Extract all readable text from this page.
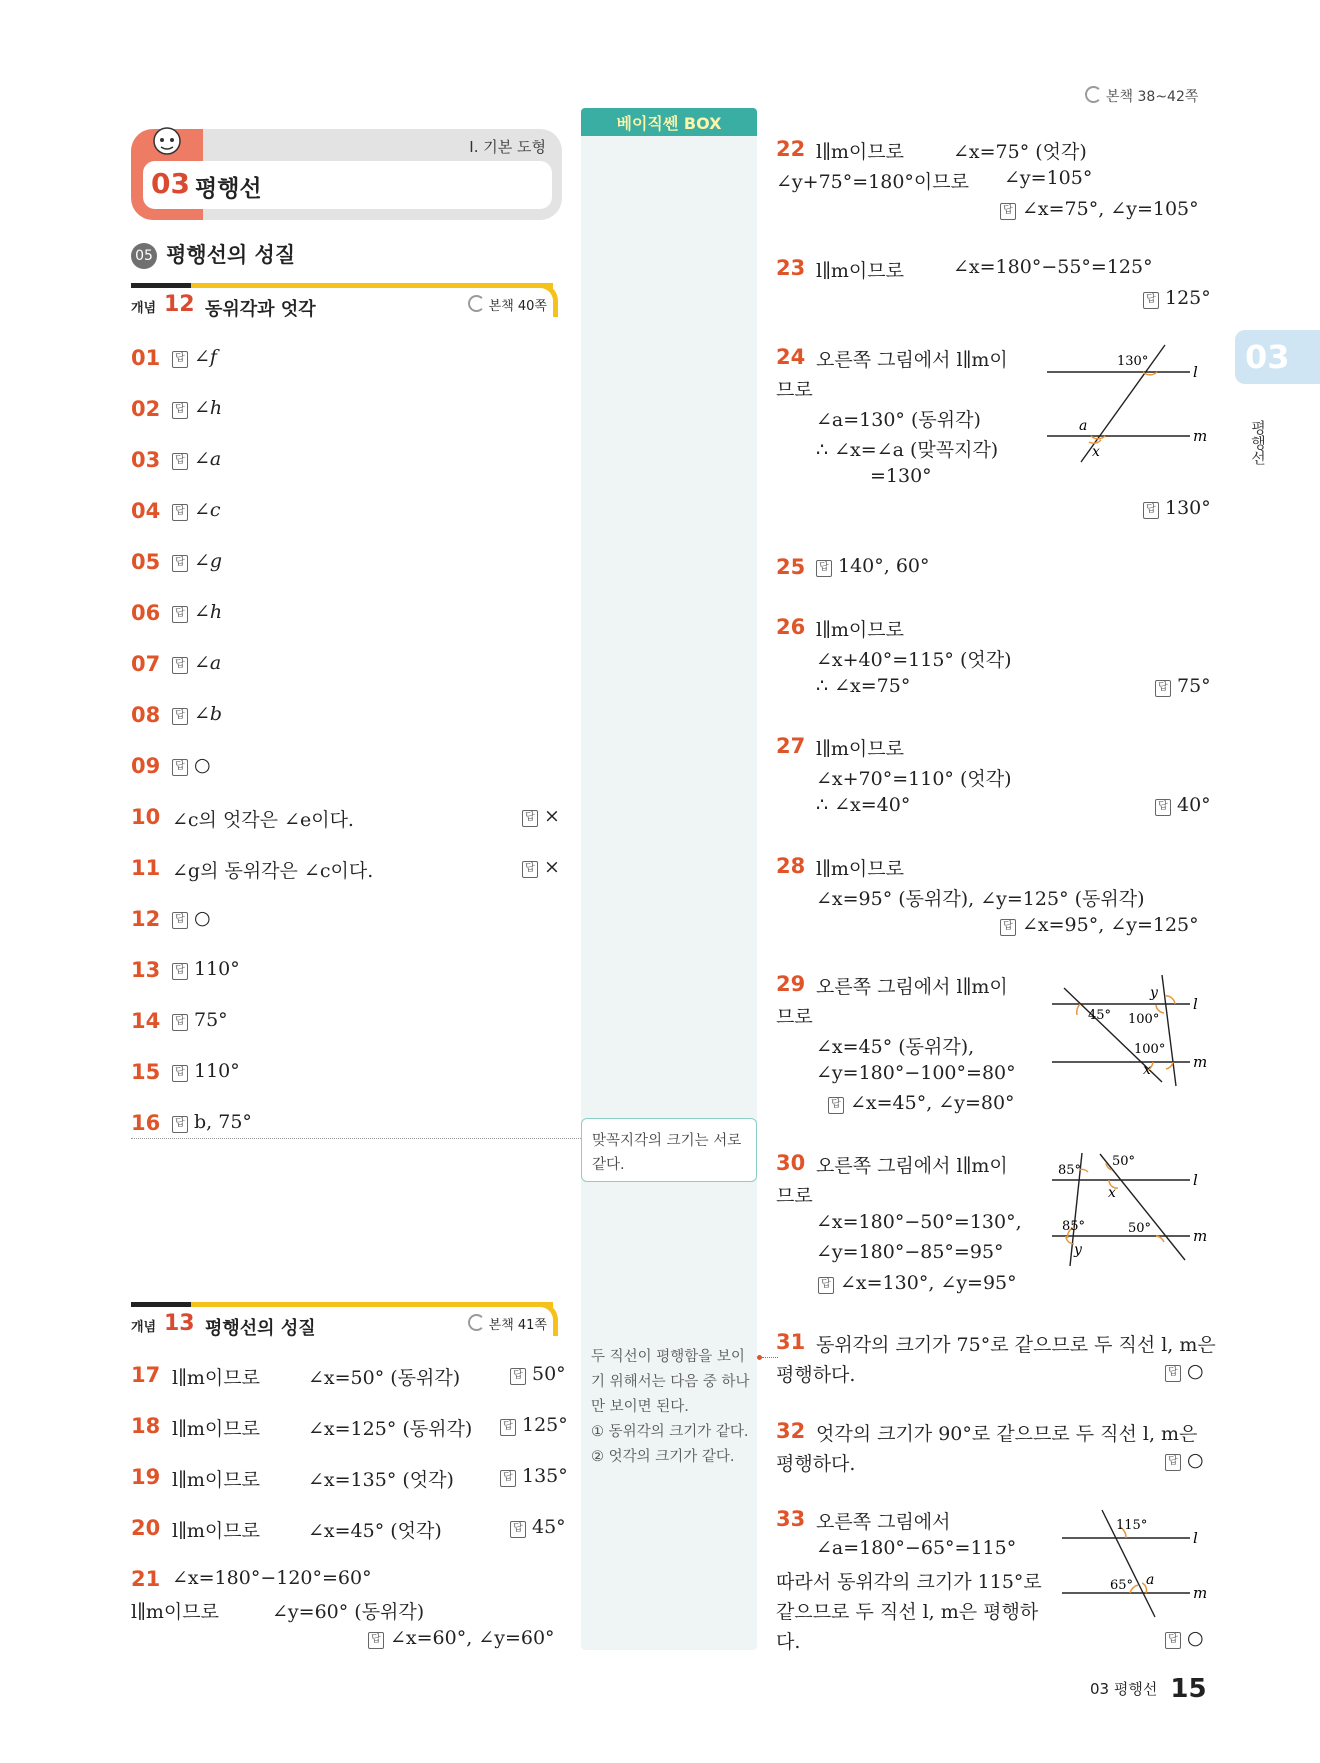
본책 38~42쪽
03
평행선
03 평행선
I. 기본 도형
05 평행선의 성질
개념 12 동위각과 엇각	본책 40쪽
01	답 ∠f
02	답 ∠h
03	답 ∠a
04	답 ∠c
05	답 ∠g
06	답 ∠h
07	답 ∠a
08	답 ∠b
09	답 ○
10 ∠c의 엇각은 ∠e이다.	답 ×
11 ∠g의 동위각은 ∠c이다.	답 ×
12	답 ○
13	답 110°
14	답 75°
15	답 110°
16	답 b, 75°
베이직쎈 BOX
맞꼭지각의 크기는 서로 같다.
두 직선이 평행함을 보이기 위해서는 다음 중 하나만 보이면 된다.
① 동위각의 크기가 같다.
② 엇각의 크기가 같다.
개념 13 평행선의 성질	본책 41쪽
17 l∥m이므로	∠x=50° (동위각)	답 50°
18 l∥m이므로	∠x=125° (동위각)	답 125°
19 l∥m이므로	∠x=135° (엇각)	답 135°
20 l∥m이므로	∠x=45° (엇각)	답 45°
21 ∠x=180°−120°=60°
l∥m이므로	∠y=60° (동위각)
답 ∠x=60°, ∠y=60°
22 l∥m이므로	∠x=75° (엇각)
∠y+75°=180°이므로 ∠y=105°
답 ∠x=75°, ∠y=105°
23 l∥m이므로	∠x=180°−55°=125°
답 125°
24 오른쪽 그림에서 l∥m이
므로
∠a=130° (동위각)
∴ ∠x=∠a (맞꼭지각)
=130°
답 130°
130°
l
m
a
x
25	답 140°, 60°
26 l∥m이므로
∠x+40°=115° (엇각)
∴ ∠x=75°	답 75°
27 l∥m이므로
∠x+70°=110° (엇각)
∴ ∠x=40°	답 40°
28 l∥m이므로
∠x=95° (동위각), ∠y=125° (동위각)
답 ∠x=95°, ∠y=125°
29 오른쪽 그림에서 l∥m이
므로
∠x=45° (동위각),
∠y=180°−100°=80°
답 ∠x=45°, ∠y=80°
45° 100°
100°
y
x
l
m
30 오른쪽 그림에서 l∥m이
므로
∠x=180°−50°=130°,
∠y=180°−85°=95°
답 ∠x=130°, ∠y=95°
85°
50°
x
85°	50°
y
l
m
31 동위각의 크기가 75°로 같으므로 두 직선 l, m은
평행하다.	답 ○
32 엇각의 크기가 90°로 같으므로 두 직선 l, m은
평행하다.	답 ○
33 오른쪽 그림에서
∠a=180°−65°=115°
따라서 동위각의 크기가 115°로
같으므로 두 직선 l, m은 평행하
다.	답 ○
115°
65° a
l
m
03 평행선 15
